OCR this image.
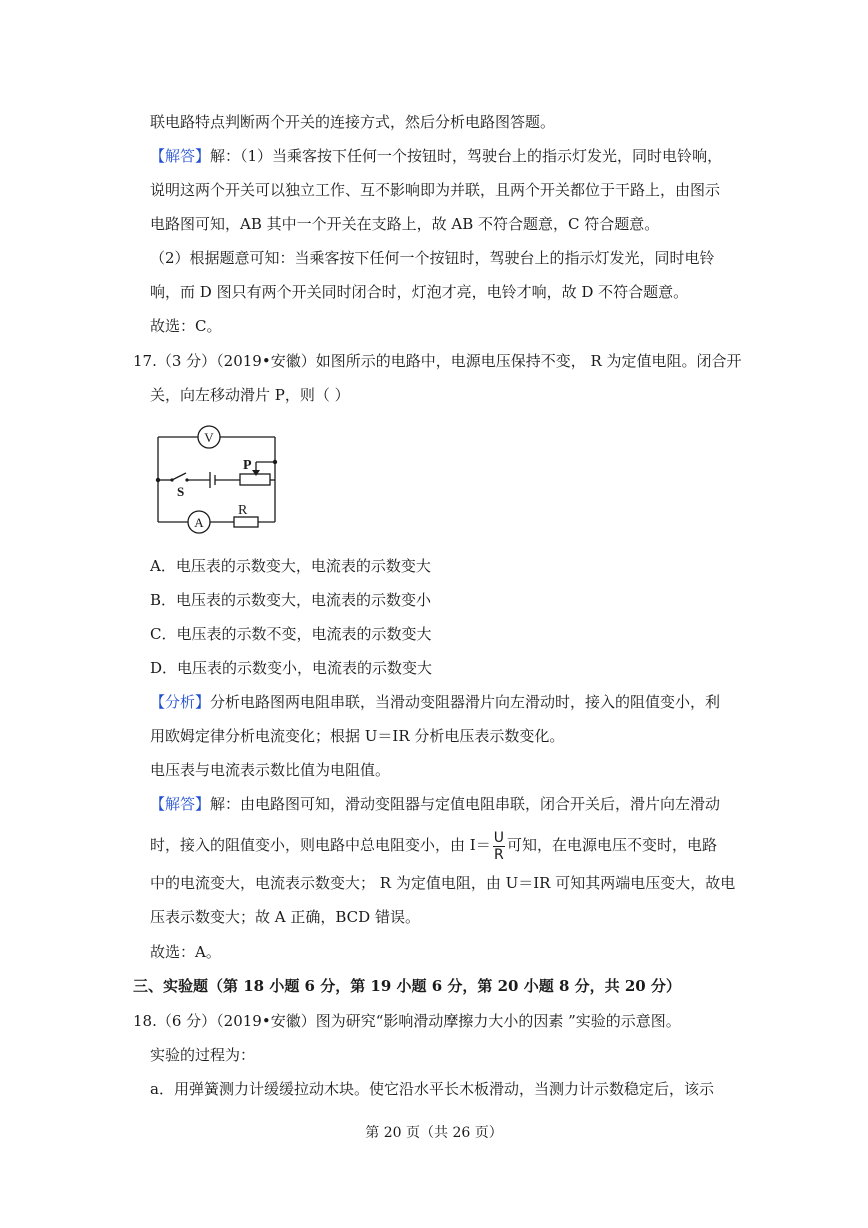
联电路特点判断两个开关的连接方式，然后分析电路图答题。
【解答】解：（1）当乘客按下任何一个按钮时，驾驶台上的指示灯发光，同时电铃响，
说明这两个开关可以独立工作、互不影响即为并联，且两个开关都位于干路上，由图示
电路图可知，AB 其中一个开关在支路上，故 AB 不符合题意，C 符合题意。
（2）根据题意可知：当乘客按下任何一个按钮时，驾驶台上的指示灯发光，同时电铃
响，而 D 图只有两个开关同时闭合时，灯泡才亮，电铃才响，故 D 不符合题意。
故选：C。
17.（3 分）（2019•安徽）如图所示的电路中，电源电压保持不变， R 为定值电阻。闭合开
关，向左移动滑片 P，则（ ）
V
A
P
S
R
A．电压表的示数变大，电流表的示数变大
B．电压表的示数变大，电流表的示数变小
C．电压表的示数不变，电流表的示数变大
D．电压表的示数变小，电流表的示数变大
【分析】分析电路图两电阻串联，当滑动变阻器滑片向左滑动时，接入的阻值变小，利
用欧姆定律分析电流变化；根据 U＝IR 分析电压表示数变化。
电压表与电流表示数比值为电阻值。
【解答】解：由电路图可知，滑动变阻器与定值电阻串联，闭合开关后，滑片向左滑动
时，接入的阻值变小，则电路中总电阻变小，由 $I= \frac{U}{R}$ 可知，在电源电压不变时，电路
中的电流变大，电流表示数变大； R 为定值电阻，由 U＝IR 可知其两端电压变大，故电
压表示数变大；故 A 正确，BCD 错误。
故选：A。
三、实验题（第 18 小题 6 分，第 19 小题 6 分，第 20 小题 8 分，共 20 分）
18.（6 分）（2019•安徽）图为研究“影响滑动摩擦力大小的因素 ”实验的示意图。
实验的过程为：
a．用弹簧测力计缓缓拉动木块。使它沿水平长木板滑动，当测力计示数稳定后，该示
第 20 页（共 26 页）
